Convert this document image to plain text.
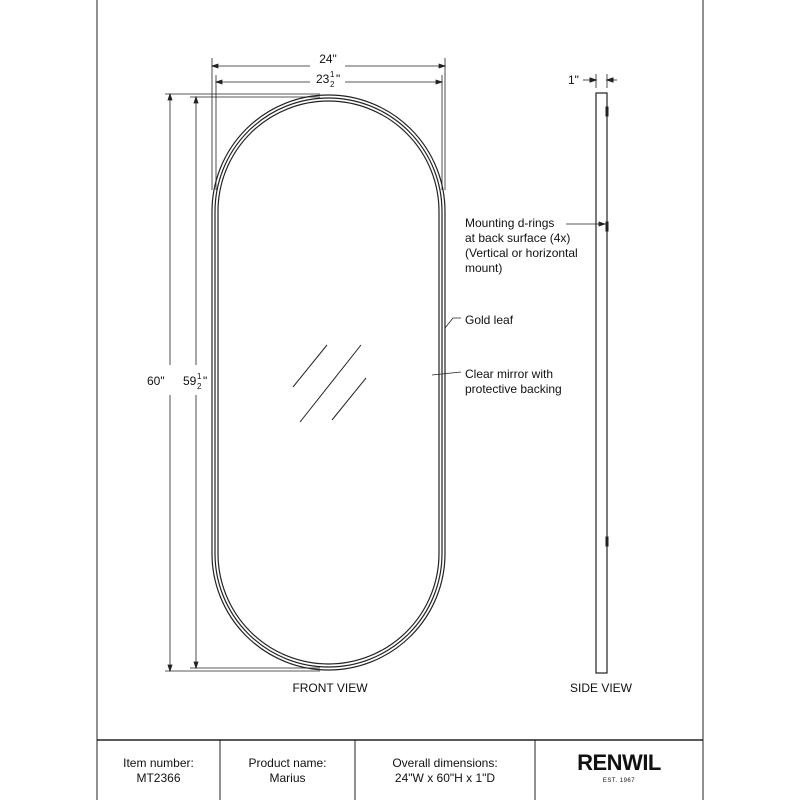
24"
23 1
2 "
60" 59 1
2 "
1"
FRONT VIEW	SIDE VIEW
Mounting d-rings
at back surface (4x)
(Vertical or horizontal
mount)
Gold leaf
Clear mirror with
protective backing
Item number:
MT2366
Product name:
Marius
Overall dimensions:
24"W x 60"H x 1"D
RENWIL
EST. 1967
